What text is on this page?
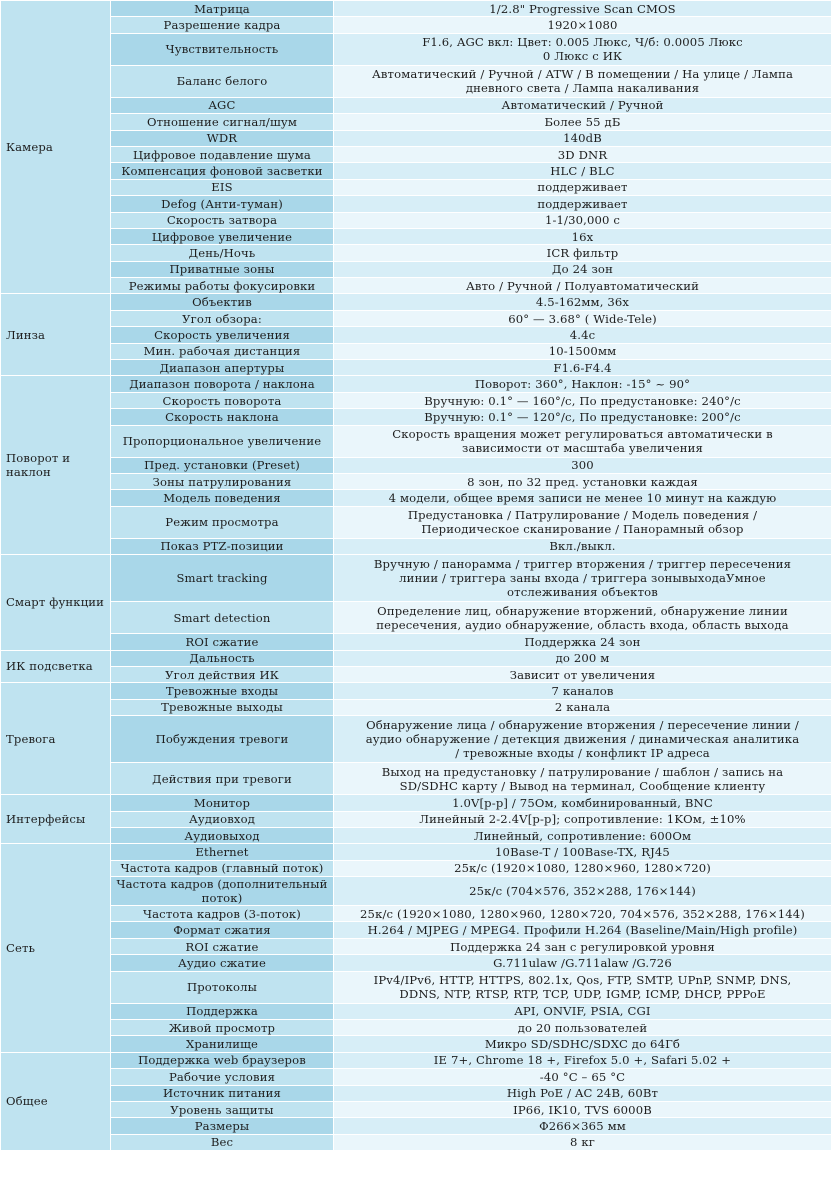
Камера	Матрица	1/2.8" Progressive Scan CMOS

	Разрешение кадра	1920×1080

	Чувствительность	F1.6, AGC вкл: Цвет: 0.005 Люкс, Ч/б: 0.0005 Люкс
0 Люкс с ИК

	Баланс белого	Автоматический / Ручной / ATW / В помещении / На улице / Лампа
дневного света / Лампа накаливания

	AGC	Автоматический / Ручной

	Отношение сигнал/шум	Более 55 дБ

	WDR	140dB

	Цифровое подавление шума	3D DNR

	Компенсация фоновой засветки	HLC / BLC

	EIS	поддерживает

	Defog (Анти-туман)	поддерживает

	Скорость затвора	1-1/30,000 с

	Цифровое увеличение	16x

	День/Ночь	ICR фильтр

	Приватные зоны	До 24 зон

	Режимы работы фокусировки	Авто / Ручной / Полуавтоматический

Линза	Объектив	4.5-162мм, 36x

	Угол обзора:	60° — 3.68° ( Wide-Tele)

	Скорость увеличения	4.4с

	Мин. рабочая дистанция	10-1500мм

	Диапазон апертуры	F1.6-F4.4

Поворот и наклон	Диапазон поворота / наклона	Поворот: 360°, Наклон: -15° ~ 90°

	Скорость поворота	Вручную: 0.1° — 160°/с, По предустановке: 240°/с

	Скорость наклона	Вручную: 0.1° — 120°/с, По предустановке: 200°/с

	Пропорциональное увеличение	Скорость вращения может регулироваться автоматически в
зависимости от масштаба увеличения

	Пред. установки (Preset)	300

	Зоны патрулирования	8 зон, по 32 пред. установки каждая

	Модель поведения	4 модели, общее время записи не менее 10 минут на каждую

	Режим просмотра	Предустановка / Патрулирование / Модель поведения /
Периодическое сканирование / Панорамный обзор

	Показ PTZ-позиции	Вкл./выкл.

Смарт функции	Smart tracking	Вручную / панорамма / триггер вторжения / триггер пересечения
линии / триггера заны входа / триггера зонывыходаУмное
отслеживания объектов

	Smart detection	Определение лиц, обнаружение вторжений, обнаружение линии
пересечения, аудио обнаружение, область входа, область выхода

	ROI сжатие	Поддержка 24 зон

ИК подсветка	Дальность	до 200 м

	Угол действия ИК	Зависит от увеличения

Тревога	Тревожные входы	7 каналов

	Тревожные выходы	2 канала

	Побуждения тревоги	Обнаружение лица / обнаружение вторжения / пересечение линии /
аудио обнаружение / детекция движения / динамическая аналитика
/ тревожные входы / конфликт IP адреса

	Действия при тревоги	Выход на предустановку / патрулирование / шаблон / запись на
SD/SDHC карту / Вывод на терминал, Сообщение клиенту

Интерфейсы	Монитор	1.0V[p-p] / 75Ом, комбинированный, BNC

	Аудиовход	Линейный 2-2.4V[p-p]; сопротивление: 1KОм, ±10%

	Аудиовыход	Линейный, сопротивление: 600Ом

Сеть	Ethernet	10Base-T / 100Base-TX, RJ45

	Частота кадров (главный поток)	25к/с (1920×1080, 1280×960, 1280×720)

	Частота кадров (дополнительный поток)	25к/с (704×576, 352×288, 176×144)

	Частота кадров (3-поток)	25к/с (1920×1080, 1280×960, 1280×720, 704×576, 352×288, 176×144)

	Формат сжатия	H.264 / MJPEG / MPEG4. Профили H.264 (Baseline/Main/High profile)

	ROI сжатие	Поддержка 24 зан с регулировкой уровня

	Аудио сжатие	G.711ulaw /G.711alaw /G.726

	Протоколы	IPv4/IPv6, HTTP, HTTPS, 802.1x, Qos, FTP, SMTP, UPnP, SNMP, DNS,
DDNS, NTP, RTSP, RTP, TCP, UDP, IGMP, ICMP, DHCP, PPPoE

	Поддержка	API, ONVIF, PSIA, CGI

	Живой просмотр	до 20 пользователей

	Хранилище	Микро SD/SDHC/SDXC до 64Гб

Общее	Поддержка web браузеров	IE 7+, Chrome 18 +, Firefox 5.0 +, Safari 5.02 +

	Рабочие условия	-40 °C – 65 °C

	Источник питания	High PoE / AC 24В, 60Вт

	Уровень защиты	IP66, IK10, TVS 6000В

	Размеры	Φ266×365 мм

	Вес	8 кг
